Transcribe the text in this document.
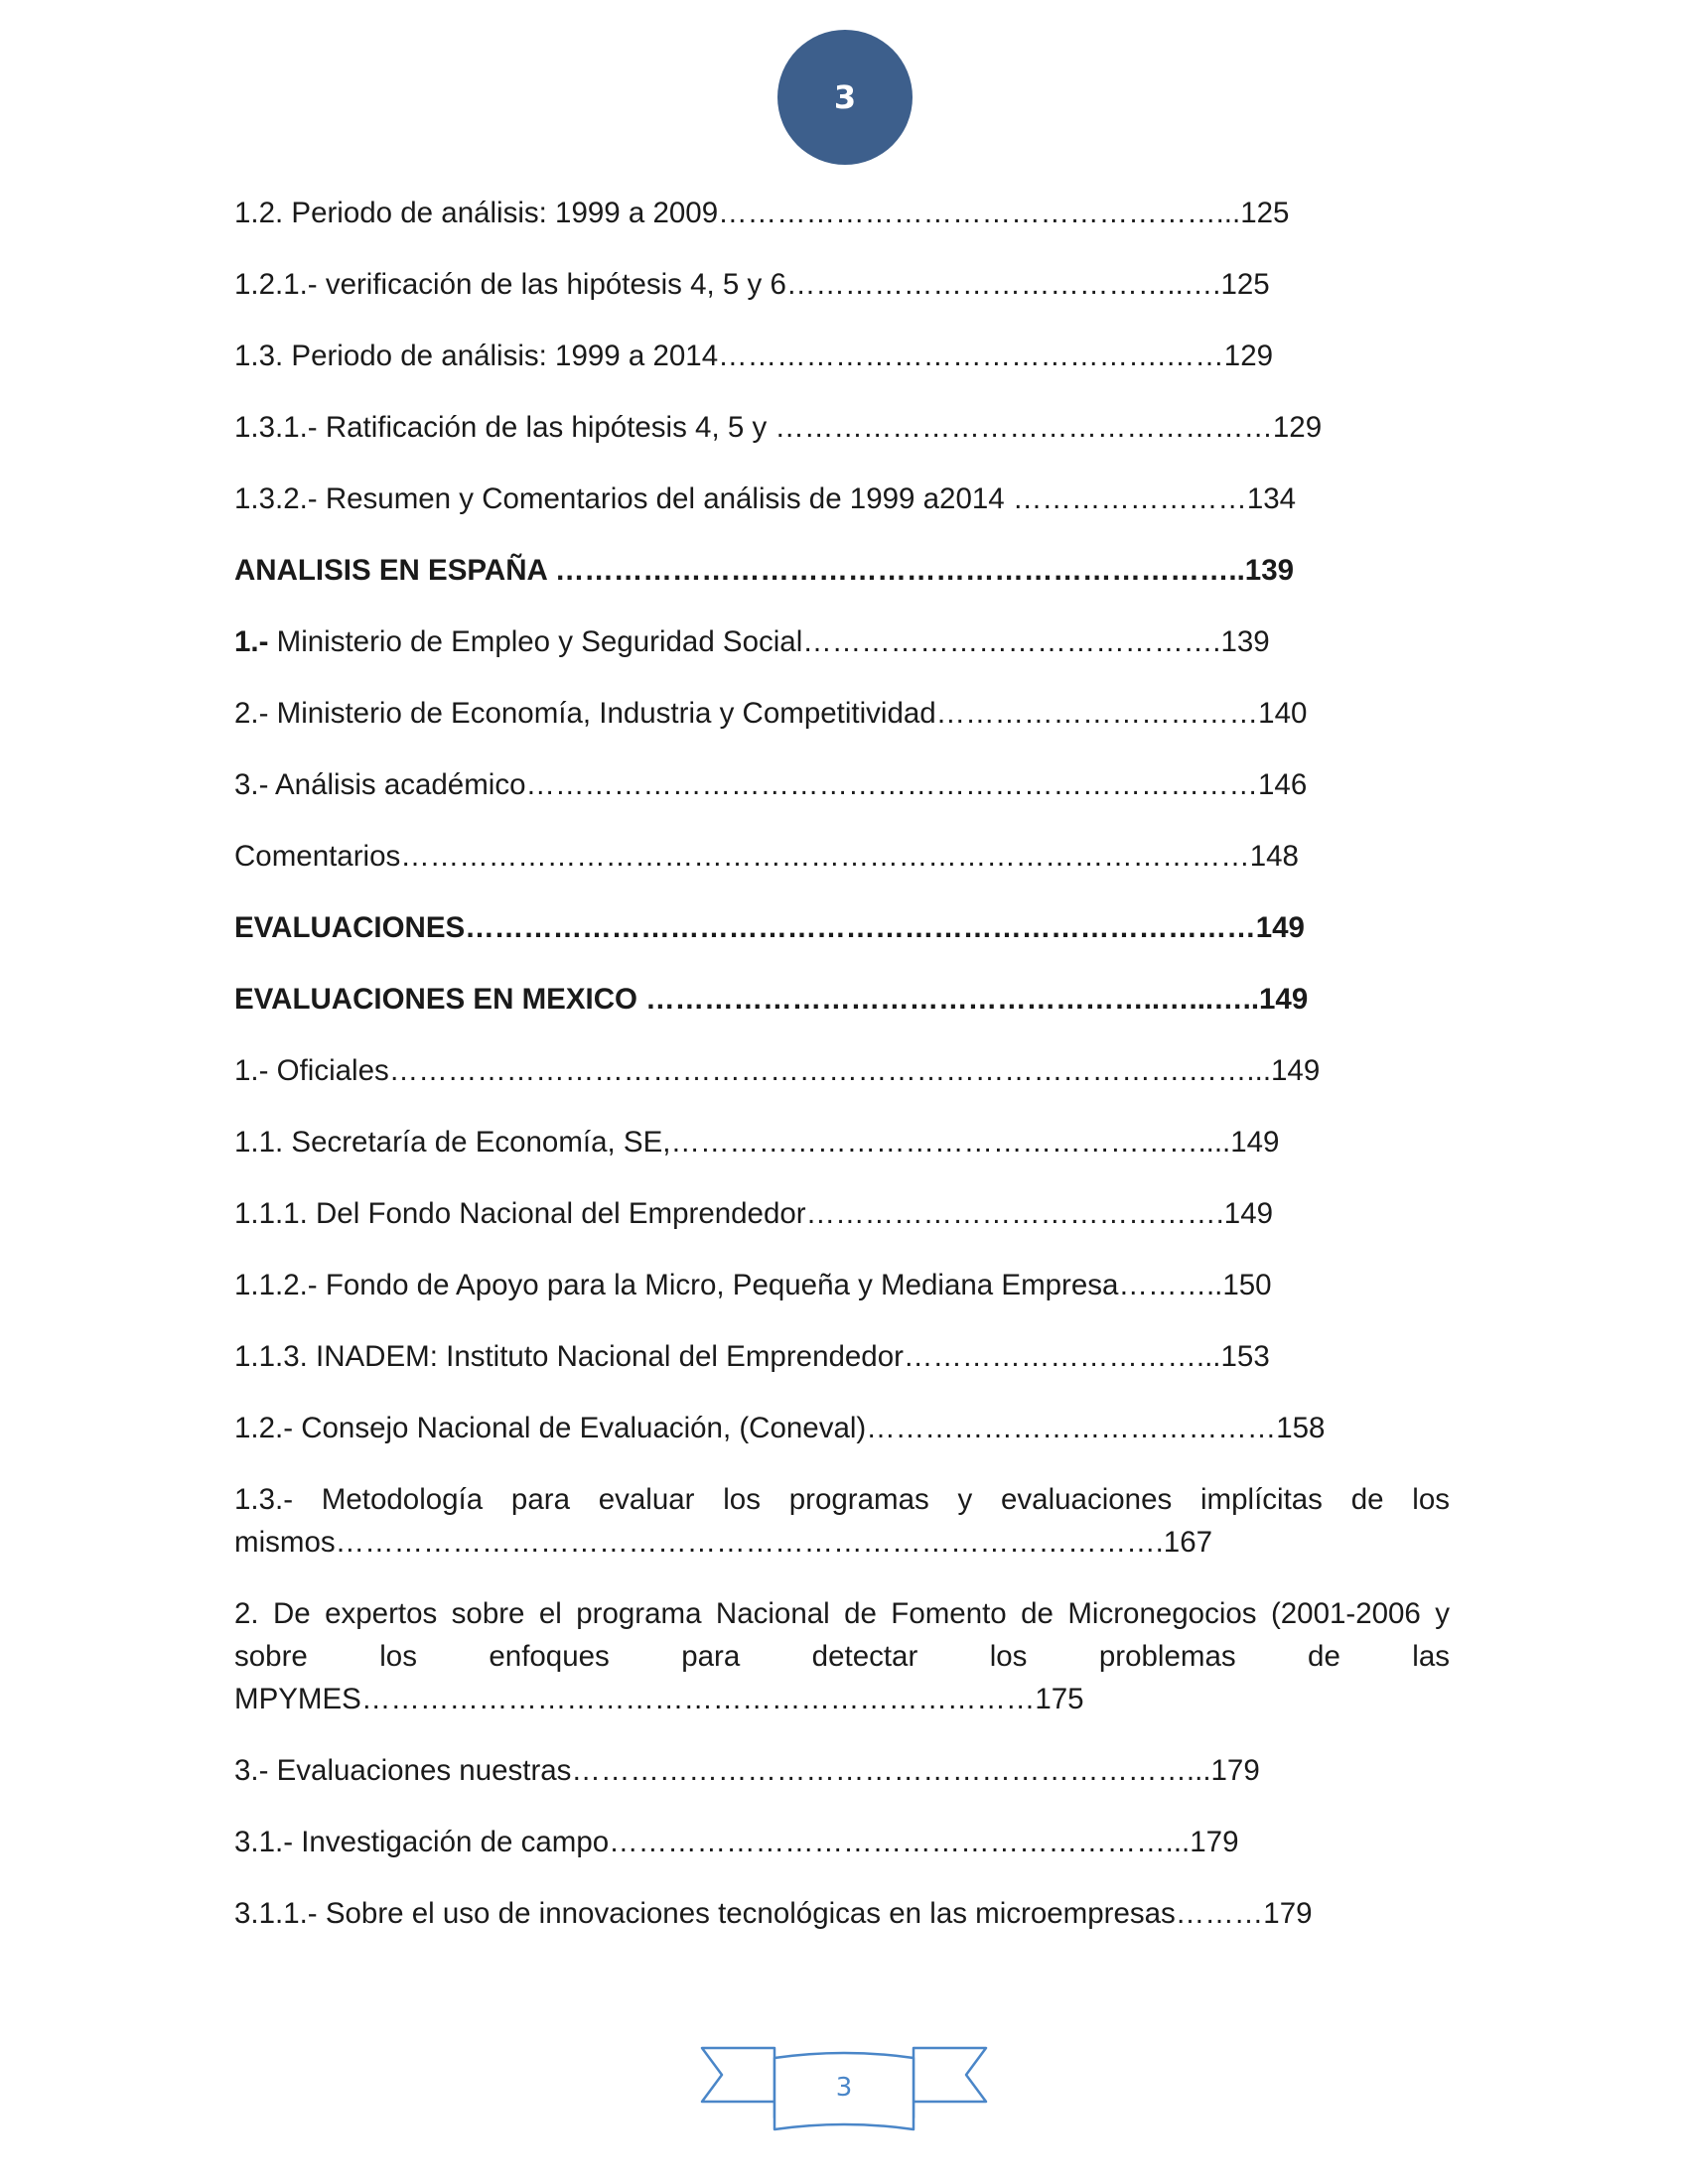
3
1.2. Periodo de análisis: 1999 a 2009……………………………………………...125
1.2.1.- verificación de las hipótesis 4, 5 y 6…………………………………..….125
1.3. Periodo de análisis: 1999 a 2014……………………………………….……129
1.3.1.- Ratificación de las hipótesis 4, 5 y ……………………………………………129
1.3.2.- Resumen y Comentarios del análisis de 1999 a2014 ……………………134
ANALISIS EN ESPAÑA ……………………………………………………………..139
1.- Ministerio de Empleo y Seguridad Social…………………………………….139
2.- Ministerio de Economía, Industria y Competitividad……………………………140
3.- Análisis académico…………………………………………………………………146
Comentarios……………………………………………………………………………148
EVALUACIONES………………………………………………………………………149
EVALUACIONES EN MEXICO ……………………………………………..…...…..149
1.- Oficiales……………………………………………………………………….……...149
1.1. Secretaría de Economía, SE,………………………………………………....149
1.1.1. Del Fondo Nacional del Emprendedor…………………………………….149
1.1.2.- Fondo de Apoyo para la Micro, Pequeña y Mediana Empresa………..150
1.1.3. INADEM: Instituto Nacional del Emprendedor…………………………...153
1.2.- Consejo Nacional de Evaluación, (Coneval)……………………………………158
1.3.- Metodología para evaluar los programas y evaluaciones implícitas de los mismos………………………………………………………………………….167
2. De expertos sobre el programa Nacional de Fomento de Micronegocios (2001-2006 y sobre los enfoques para detectar los problemas de las MPYMES……………………………………………………………175
3.- Evaluaciones nuestras………………………………………………………...179
3.1.- Investigación de campo…………………………………………………...179
3.1.1.- Sobre el uso de innovaciones tecnológicas en las microempresas………179
3
